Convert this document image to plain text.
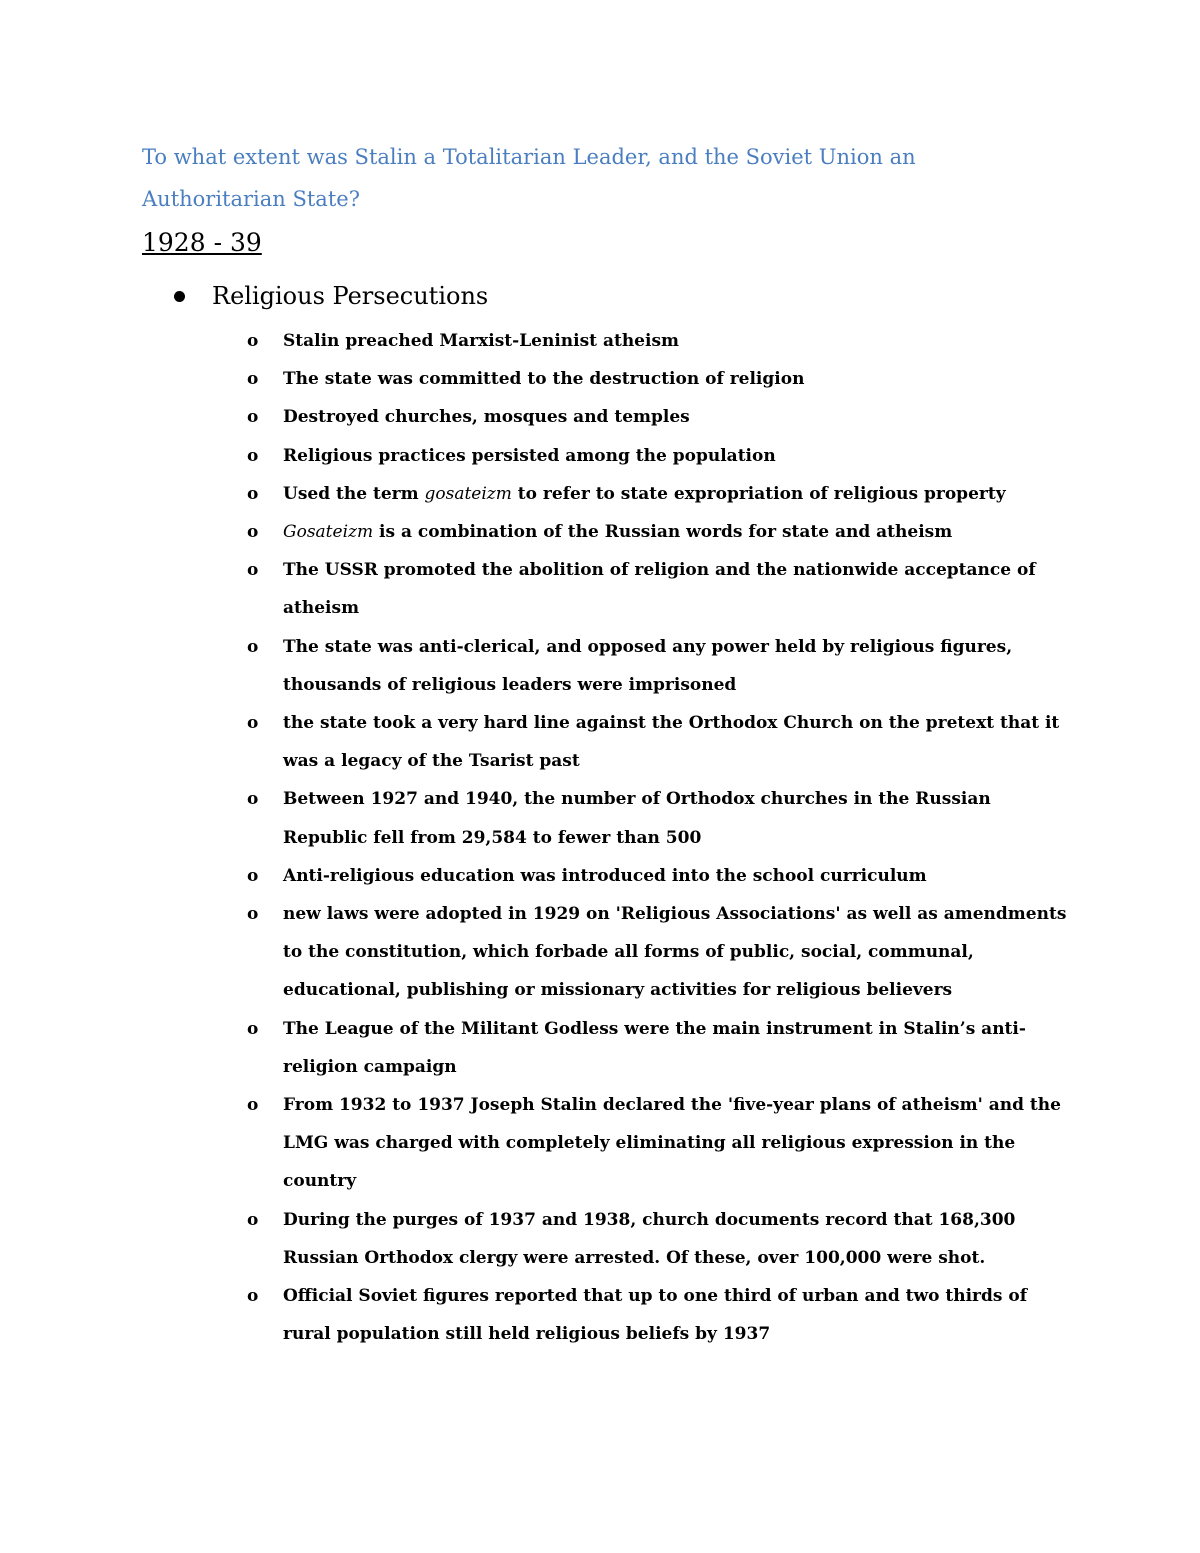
To what extent was Stalin a Totalitarian Leader, and the Soviet Union an Authoritarian State?
1928 - 39
Religious Persecutions
o Stalin preached Marxist-Leninist atheism
o The state was committed to the destruction of religion
o Destroyed churches, mosques and temples
o Religious practices persisted among the population
o Used the term gosateizm to refer to state expropriation of religious property
o Gosateizm is a combination of the Russian words for state and atheism
o The USSR promoted the abolition of religion and the nationwide acceptance of atheism
o The state was anti-clerical, and opposed any power held by religious figures, thousands of religious leaders were imprisoned
o the state took a very hard line against the Orthodox Church on the pretext that it was a legacy of the Tsarist past
o Between 1927 and 1940, the number of Orthodox churches in the Russian Republic fell from 29,584 to fewer than 500
o Anti-religious education was introduced into the school curriculum
o new laws were adopted in 1929 on 'Religious Associations' as well as amendments to the constitution, which forbade all forms of public, social, communal, educational, publishing or missionary activities for religious believers
o The League of the Militant Godless were the main instrument in Stalin’s anti-religion campaign
o From 1932 to 1937 Joseph Stalin declared the 'five-year plans of atheism' and the LMG was charged with completely eliminating all religious expression in the country
o During the purges of 1937 and 1938, church documents record that 168,300 Russian Orthodox clergy were arrested. Of these, over 100,000 were shot.
o Official Soviet figures reported that up to one third of urban and two thirds of rural population still held religious beliefs by 1937
